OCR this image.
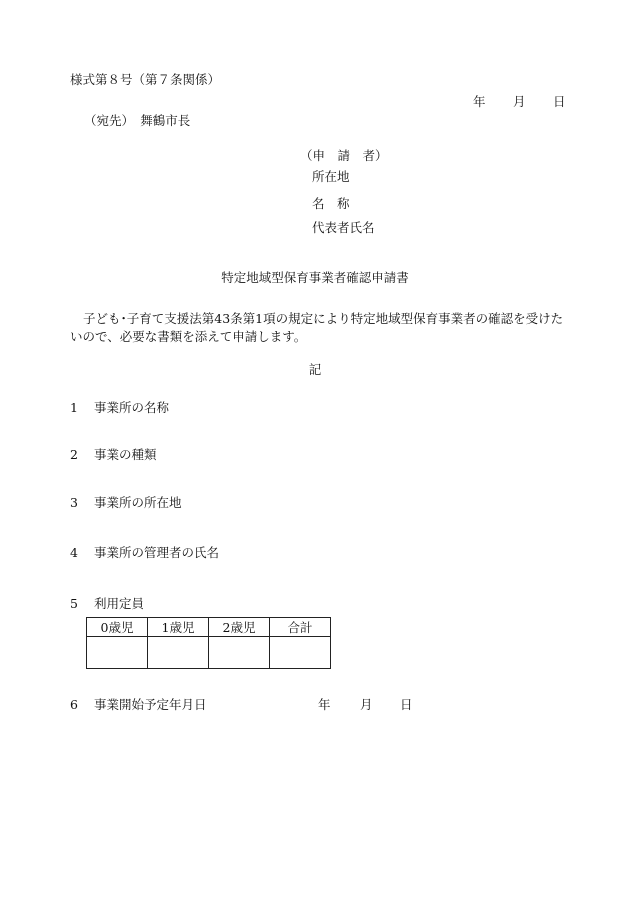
様式第８号（第７条関係）
年 月 日
（宛先）　舞鶴市長
（申　請　者）
所在地
名　称
代表者氏名
特定地域型保育事業者確認申請書
子ども･子育て支援法第43条第1項の規定により特定地域型保育事業者の確認を受けたいので、必要な書類を添えて申請します。
記
1 事業所の名称
2 事業の種類
3 事業所の所在地
4 事業所の管理者の氏名
5 利用定員
0歳児	1歳児	2歳児	合計

6 事業開始予定年月日	年 月 日
